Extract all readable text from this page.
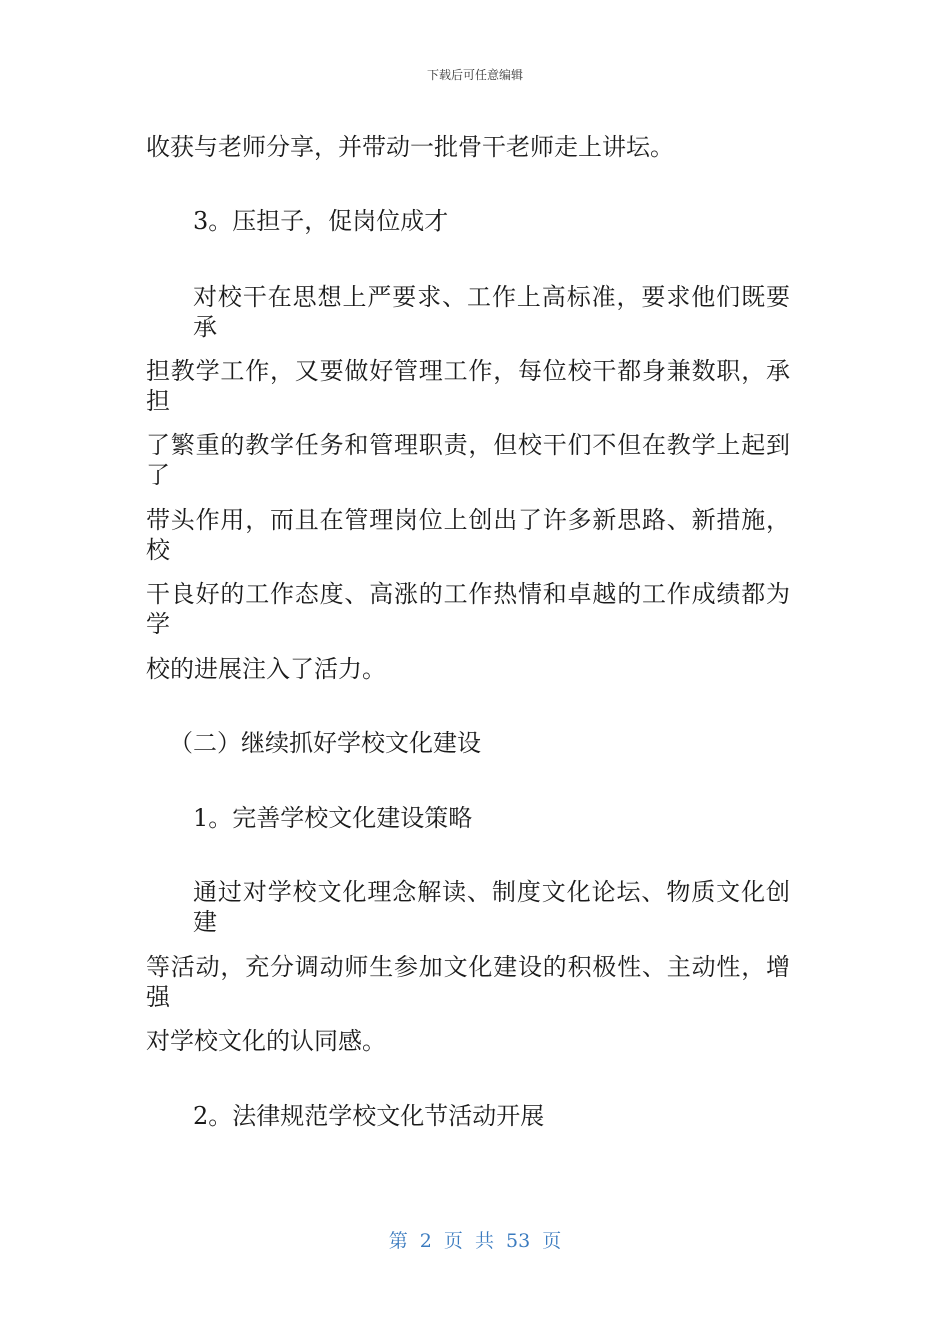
下载后可任意编辑
收获与老师分享，并带动一批骨干老师走上讲坛。
3。压担子，促岗位成才
对校干在思想上严要求、工作上高标准，要求他们既要承
担教学工作，又要做好管理工作，每位校干都身兼数职，承担
了繁重的教学任务和管理职责，但校干们不但在教学上起到了
带头作用，而且在管理岗位上创出了许多新思路、新措施，校
干良好的工作态度、高涨的工作热情和卓越的工作成绩都为学
校的进展注入了活力。
（二）继续抓好学校文化建设
1。完善学校文化建设策略
通过对学校文化理念解读、制度文化论坛、物质文化创建
等活动，充分调动师生参加文化建设的积极性、主动性，增强
对学校文化的认同感。
2。法律规范学校文化节活动开展
第 2 页 共 53 页
